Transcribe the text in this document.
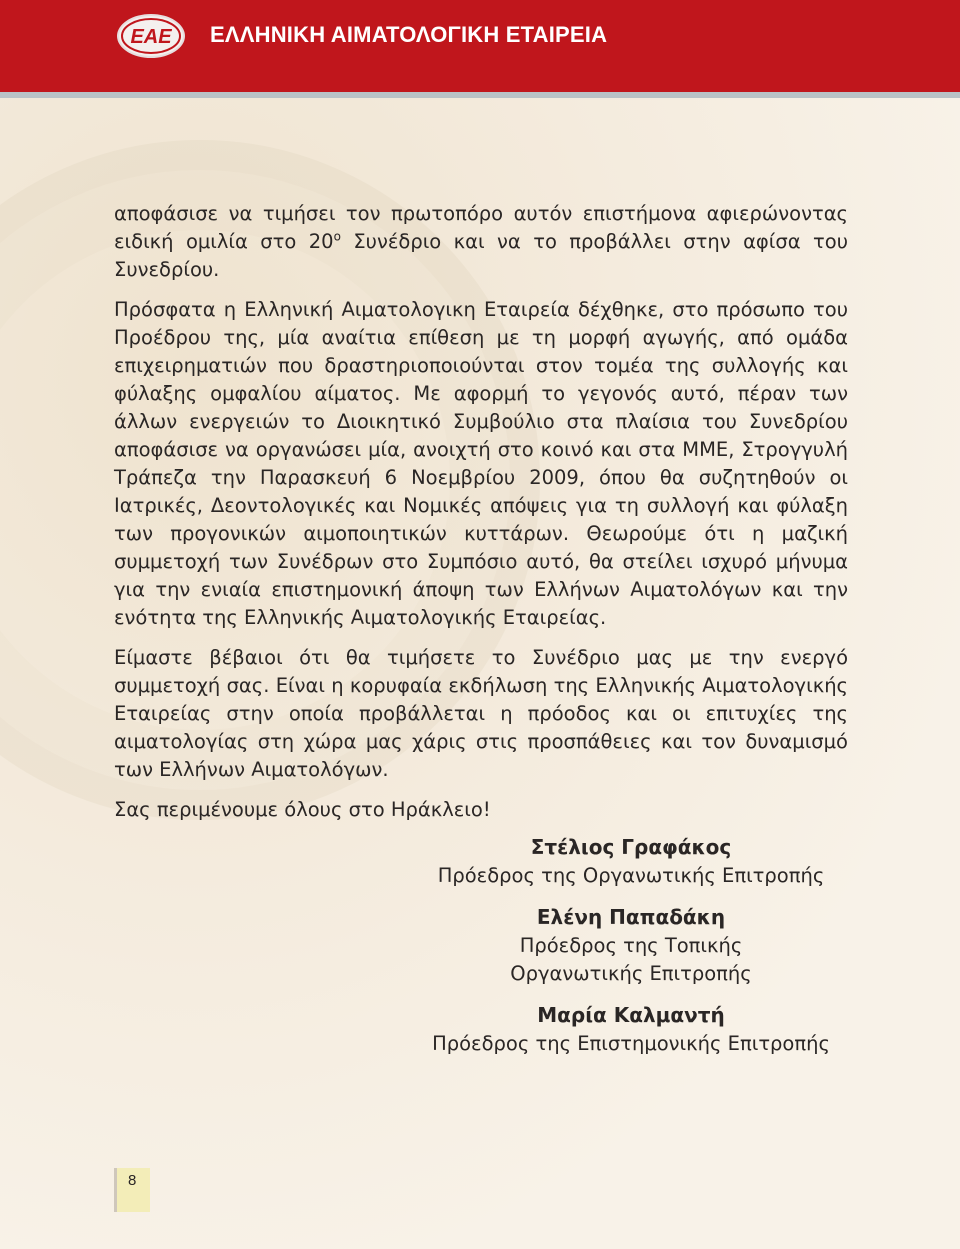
ΕΑΕ ΕΛΛΗΝΙΚΗ ΑΙΜΑΤΟΛΟΓΙΚΗ ΕΤΑΙΡΕΙΑ

αποφάσισε να τιμήσει τον πρωτοπόρο αυτόν επιστήμονα αφιερώνοντας ειδική ομιλία στο $20^o$ Συνέδριο και να το προβάλλει στην αφίσα του Συνεδρίου.

Πρόσφατα η Ελληνική Αιματολογικη Εταιρεία δέχθηκε, στο πρόσωπο του Προέδρου της, μία αναίτια επίθεση με τη μορφή αγωγής, από ομάδα επιχειρηματιών που δραστηριοποιούνται στον τομέα της συλλογής και φύλαξης ομφαλίου αίματος. Με αφορμή το γεγονός αυτό, πέραν των άλλων ενεργειών το Διοικητικό Συμβούλιο στα πλαίσια του Συνεδρίου αποφάσισε να οργανώσει μία, ανοιχτή στο κοινό και στα ΜΜΕ, Στρογγυλή Τράπεζα την Παρασκευή 6 Νοεμβρίου 2009, όπου θα συζητηθούν οι Ιατρικές, Δεοντολογικές και Νομικές απόψεις για τη συλλογή και φύλαξη των προγονικών αιμοποιητικών κυττάρων. Θεωρούμε ότι η μαζική συμμετοχή των Συνέδρων στο Συμπόσιο αυτό, θα στείλει ισχυρό μήνυμα για την ενιαία επιστημονική άποψη των Ελλήνων Αιματολόγων και την ενότητα της Ελληνικής Αιματολογικής Εταιρείας.

Είμαστε βέβαιοι ότι θα τιμήσετε το Συνέδριο μας με την ενεργό συμμετοχή σας. Είναι η κορυφαία εκδήλωση της Ελληνικής Αιματολογικής Εταιρείας στην οποία προβάλλεται η πρόοδος και οι επιτυχίες της αιματολογίας στη χώρα μας χάρις στις προσπάθειες και τον δυναμισμό των Ελλήνων Αιματολόγων.

Σας περιμένουμε όλους στο Ηράκλειο!

Στέλιος Γραφάκος
Πρόεδρος της Οργανωτικής Επιτροπής
Ελένη Παπαδάκη
Πρόεδρος της Τοπικής Οργανωτικής Επιτροπής
Μαρία Καλμαντή
Πρόεδρος της Επιστημονικής Επιτροπής
8
